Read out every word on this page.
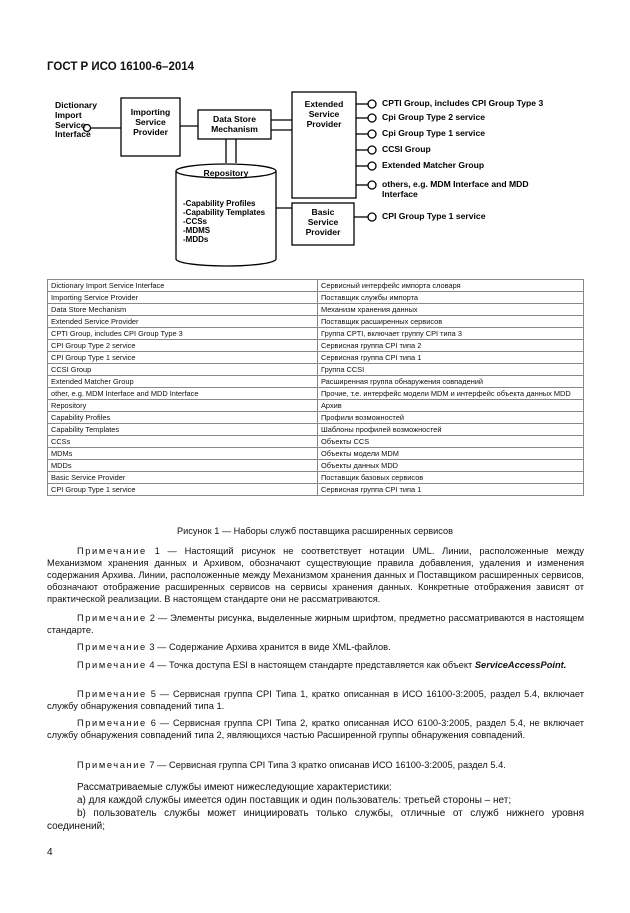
ГОСТ Р ИСО 16100-6–2014
Dictionary
Import
Service
Interface
Importing
Service
Provider
Data Store
Mechanism
Extended
Service
Provider
Basic
Service
Provider
Repository
-Capability Profiles
-Capability Templates
-CCSs
-MDMS
-MDDs
CPTI Group, includes CPI Group Type 3
Cpi Group Type 2 service
Cpi Group Type 1 service
CCSI Group
Extended Matcher Group
others, e.g. MDM Interface and MDD
Interface
CPI Group Type 1 service
Dictionary Import Service Interface	Сервисный интерфейс импорта словаря
Importing Service Provider	Поставщик службы импорта
Data Store Mechanism	Механизм хранения данных
Extended Service Provider	Поставщик расширенных сервисов
CPTI Group, includes CPI Group Type 3	Группа CPTI, включает группу CPI типа 3
CPI Group Type 2 service	Сервисная группа CPI типа 2
CPI Group Type 1 service	Сервисная группа CPI типа 1
CCSI Group	Группа CCSI
Extended Matcher Group	Расширенная группа обнаружения совпадений
other, e.g. MDM Interface and MDD Interface	Прочие, т.е. интерфейс модели MDM и интерфейс объекта данных MDD
Repository	Архив
Capability Profiles	Профили возможностей
Capability Templates	Шаблоны профилей возможностей
CCSs	Объекты CCS
MDMs	Объекты модели MDM
MDDs	Объекты данных MDD
Basic Service Provider	Поставщик базовых сервисов
CPI Group Type 1 service	Сервисная группа CPI типа 1
Рисунок 1 — Наборы служб поставщика расширенных сервисов
Примечание 1 — Настоящий рисунок не соответствует нотации UML. Линии, расположенные между Механизмом хранения данных и Архивом, обозначают существующие правила добавления, удаления и изменения содержания Архива. Линии, расположенные между Механизмом хранения данных и Поставщиком расширенных сервисов, обозначают отображение расширенных сервисов на сервисы хранения данных. Конкретные отображения зависят от практической реализации. В настоящем стандарте они не рассматриваются.
Примечание 2 — Элементы рисунка, выделенные жирным шрифтом, предметно рассматриваются в настоящем стандарте.
Примечание 3 — Содержание Архива хранится в виде XML-файлов.
Примечание 4 — Точка доступа ESI в настоящем стандарте представляется как объект ServiceAccessPoint.
Примечание 5 — Сервисная группа CPI Типа 1, кратко описанная в ИСО 16100-3:2005, раздел 5.4, включает службу обнаружения совпадений типа 1.
Примечание 6 — Сервисная группа CPI Типа 2, кратко описанная ИСО 6100-3:2005, раздел 5.4, не включает службу обнаружения совпадений типа 2, являющихся частью Расширенной группы обнаружения совпадений.
Примечание 7 — Сервисная группа CPI Типа 3 кратко описанав ИСО 16100-3:2005, раздел 5.4.

Рассматриваемые службы имеют нижеследующие характеристики:

а) для каждой службы имеется один поставщик и один пользователь: третьей стороны – нет;

b) пользователь службы может инициировать только службы, отличные от служб нижнего уровня соединений;

4
